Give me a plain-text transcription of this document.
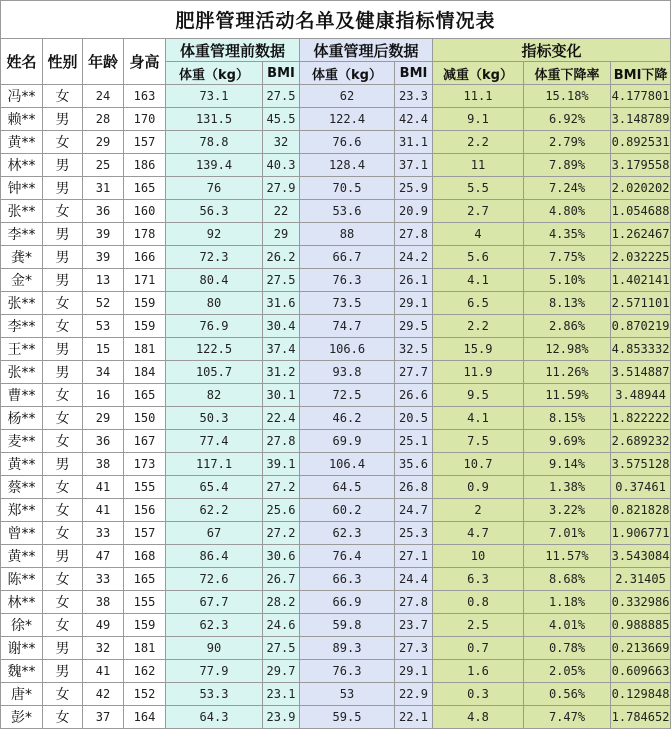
肥胖管理活动名单及健康指标情况表										
姓名	性别	年龄	身高	体重管理前数据		体重管理后数据		指标变化		
				体重（kg）	BMI	体重（kg）	BMI	减重（kg）	体重下降率	BMI下降
冯**	女	24	163	73.1	27.5	62	23.3	11.1	15.18%	4.177801
赖**	男	28	170	131.5	45.5	122.4	42.4	9.1	6.92%	3.148789
黄**	女	29	157	78.8	32	76.6	31.1	2.2	2.79%	0.892531
林**	男	25	186	139.4	40.3	128.4	37.1	11	7.89%	3.179558
钟**	男	31	165	76	27.9	70.5	25.9	5.5	7.24%	2.020202
张**	女	36	160	56.3	22	53.6	20.9	2.7	4.80%	1.054688
李**	男	39	178	92	29	88	27.8	4	4.35%	1.262467
龚*	男	39	166	72.3	26.2	66.7	24.2	5.6	7.75%	2.032225
金*	男	13	171	80.4	27.5	76.3	26.1	4.1	5.10%	1.402141
张**	女	52	159	80	31.6	73.5	29.1	6.5	8.13%	2.571101
李**	女	53	159	76.9	30.4	74.7	29.5	2.2	2.86%	0.870219
王**	男	15	181	122.5	37.4	106.6	32.5	15.9	12.98%	4.853332
张**	男	34	184	105.7	31.2	93.8	27.7	11.9	11.26%	3.514887
曹**	女	16	165	82	30.1	72.5	26.6	9.5	11.59%	3.48944
杨**	女	29	150	50.3	22.4	46.2	20.5	4.1	8.15%	1.822222
麦**	女	36	167	77.4	27.8	69.9	25.1	7.5	9.69%	2.689232
黄**	男	38	173	117.1	39.1	106.4	35.6	10.7	9.14%	3.575128
蔡**	女	41	155	65.4	27.2	64.5	26.8	0.9	1.38%	0.37461
郑**	女	41	156	62.2	25.6	60.2	24.7	2	3.22%	0.821828
曾**	女	33	157	67	27.2	62.3	25.3	4.7	7.01%	1.906771
黄**	男	47	168	86.4	30.6	76.4	27.1	10	11.57%	3.543084
陈**	女	33	165	72.6	26.7	66.3	24.4	6.3	8.68%	2.31405
林**	女	38	155	67.7	28.2	66.9	27.8	0.8	1.18%	0.332986
徐*	女	49	159	62.3	24.6	59.8	23.7	2.5	4.01%	0.988885
谢**	男	32	181	90	27.5	89.3	27.3	0.7	0.78%	0.213669
魏**	男	41	162	77.9	29.7	76.3	29.1	1.6	2.05%	0.609663
唐*	女	42	152	53.3	23.1	53	22.9	0.3	0.56%	0.129848
彭*	女	37	164	64.3	23.9	59.5	22.1	4.8	7.47%	1.784652
